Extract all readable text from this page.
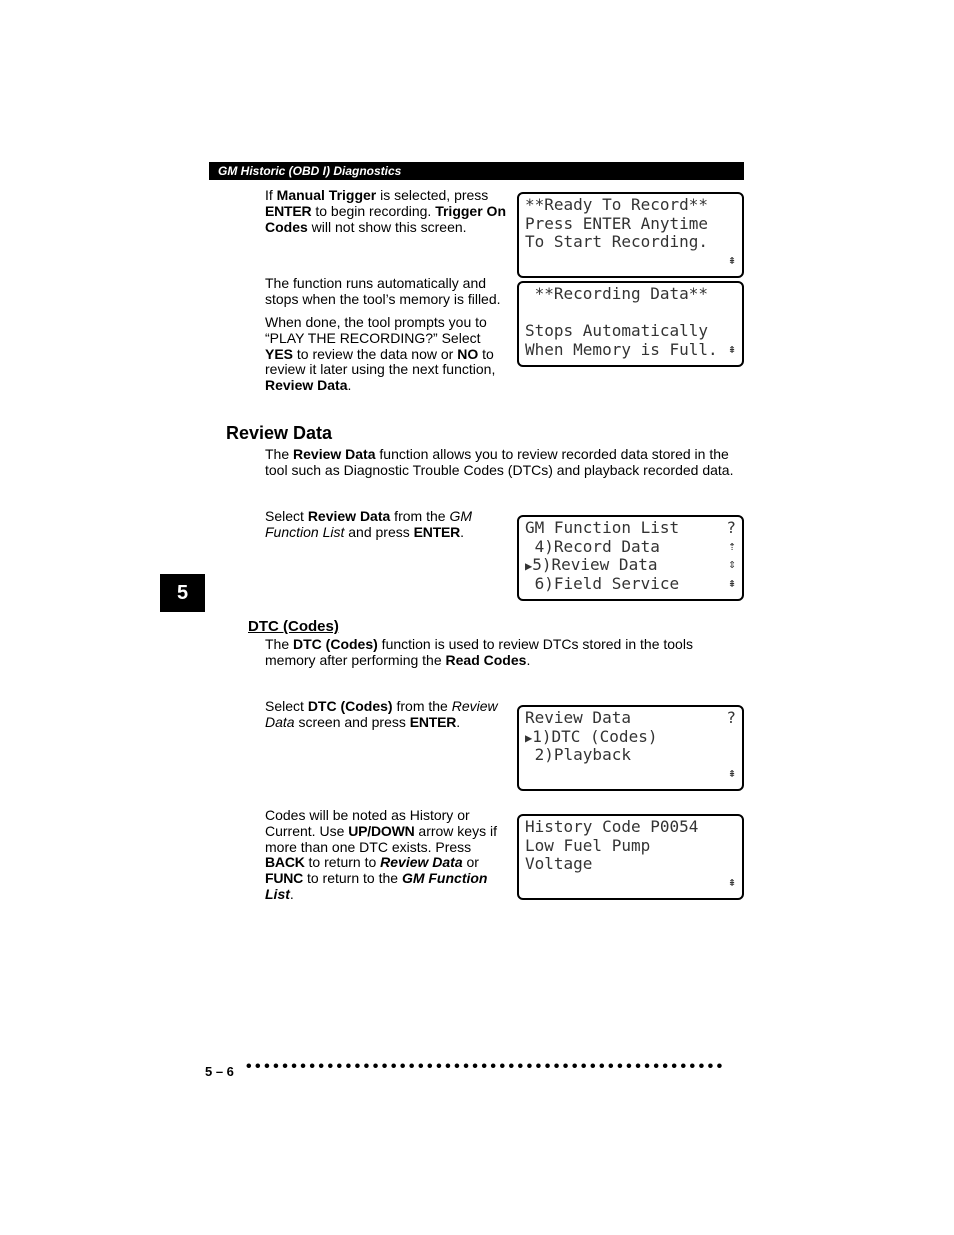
GM Historic (OBD I) Diagnostics
If Manual Trigger is selected, press ENTER to begin recording. Trigger On Codes will not show this screen.
**Ready To Record**
Press ENTER Anytime
To Start Recording.
⇞
The function runs automatically and stops when the tool’s memory is filled.
When done, the tool prompts you to “PLAY THE RECORDING?” Select YES to review the data now or NO to review it later using the next function, Review Data.
**Recording Data**
Stops Automatically
When Memory is Full. ⇞
Review Data
The Review Data function allows you to review recorded data stored in the tool such as Diagnostic Trouble Codes (DTCs) and playback recorded data.
Select Review Data from the GM Function List and press ENTER.	GM Function List	?
4)Record Data	⇡
▶5)Review Data	⇕
6)Field Service	⇞
5
DTC (Codes)
The DTC (Codes) function is used to review DTCs stored in the tools memory after performing the Read Codes.
Select DTC (Codes) from the Review Data screen and press ENTER.	Review Data	?
▶1)DTC (Codes)
2)Playback
⇞
Codes will be noted as History or Current. Use UP/DOWN arrow keys if more than one DTC exists. Press BACK to return to Review Data or FUNC to return to the GM Function List.
History Code P0054
Low Fuel Pump
Voltage
⇞
5 – 6 •••••••••••••••••••••••••••••••••••••••••••••••••••••
